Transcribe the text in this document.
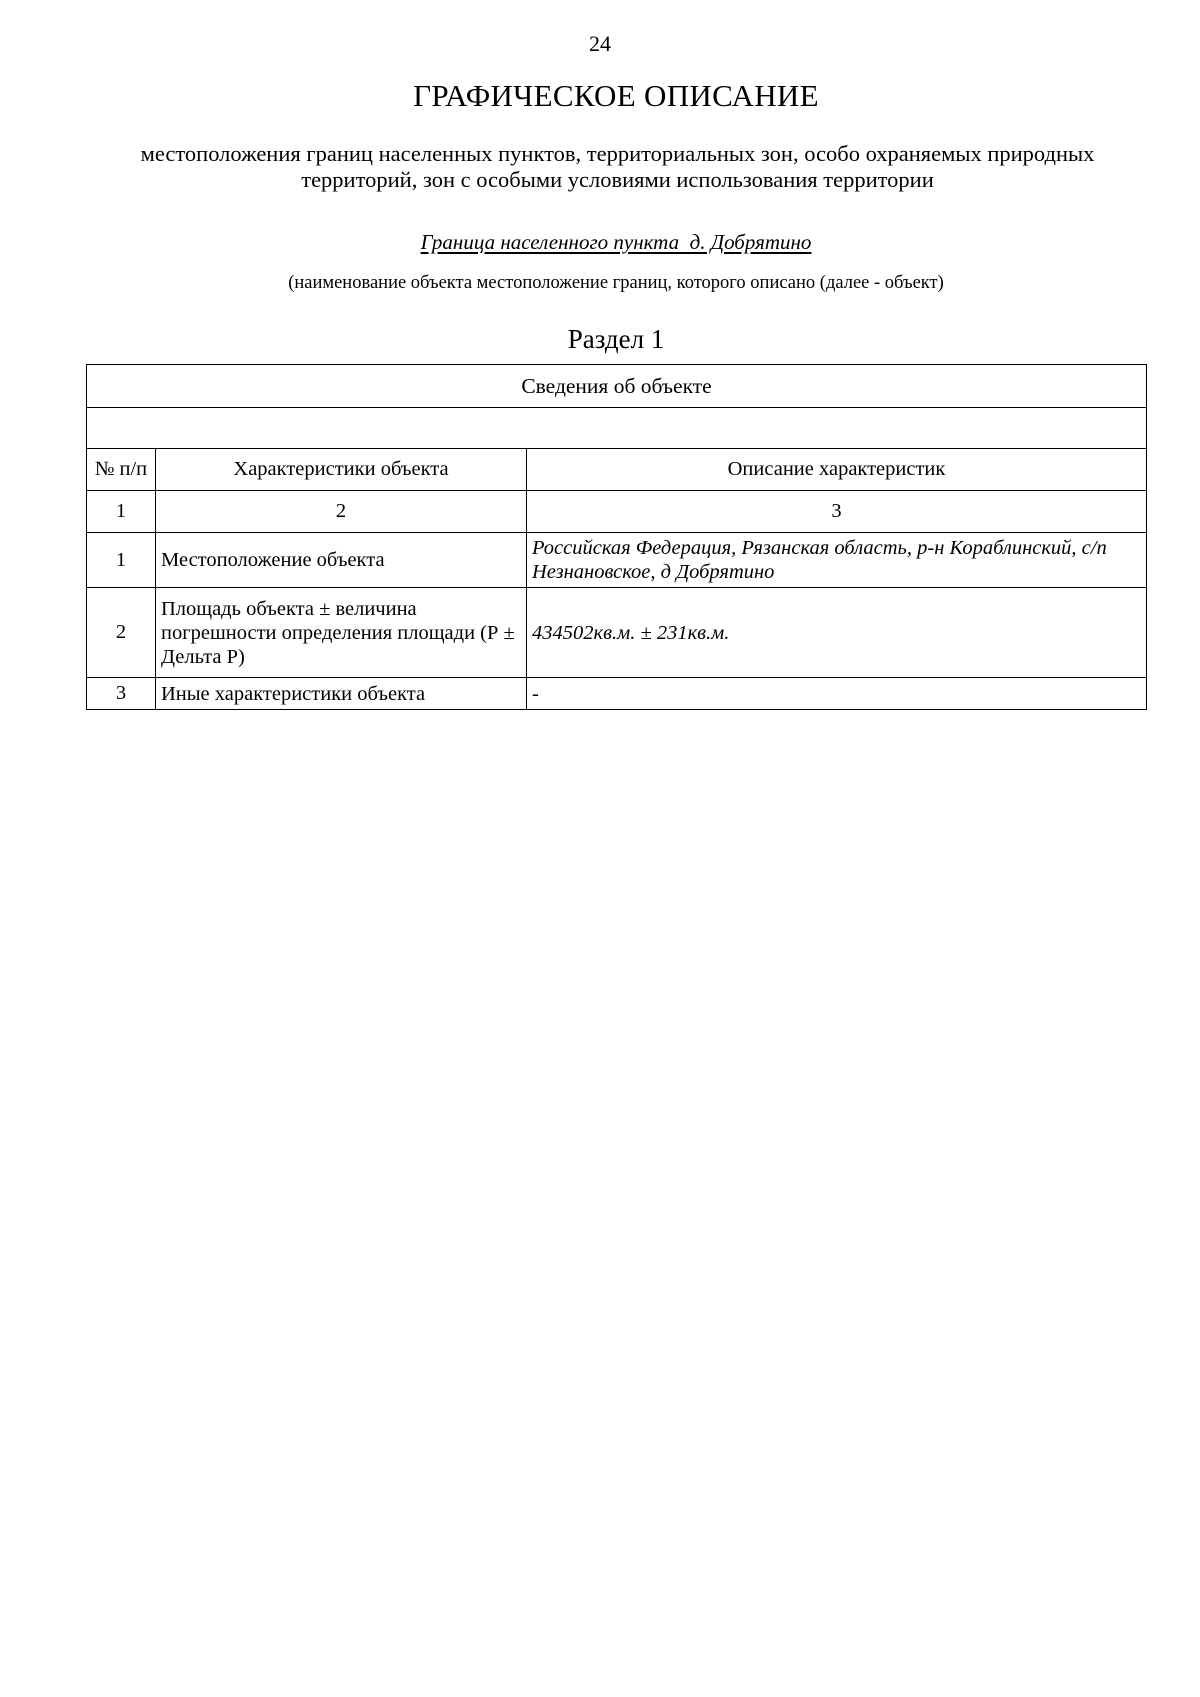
24
ГРАФИЧЕСКОЕ ОПИСАНИЕ
местоположения границ населенных пунктов, территориальных зон, особо охраняемых природных территорий, зон с особыми условиями использования территории
Граница населенного пункта  д. Добрятино
(наименование объекта местоположение границ, которого описано (далее - объект)
Раздел 1
Сведения об объекте		

№ п/п	Характеристики объекта	Описание характеристик
1	2	3
1	Местоположение объекта	Российская Федерация, Рязанская область, р-н Кораблинский, с/п Незнановское, д Добрятино
2	Площадь объекта ± величина погрешности определения площади (Р ± Дельта Р)	434502кв.м. ± 231кв.м.
3	Иные характеристики объекта	-
